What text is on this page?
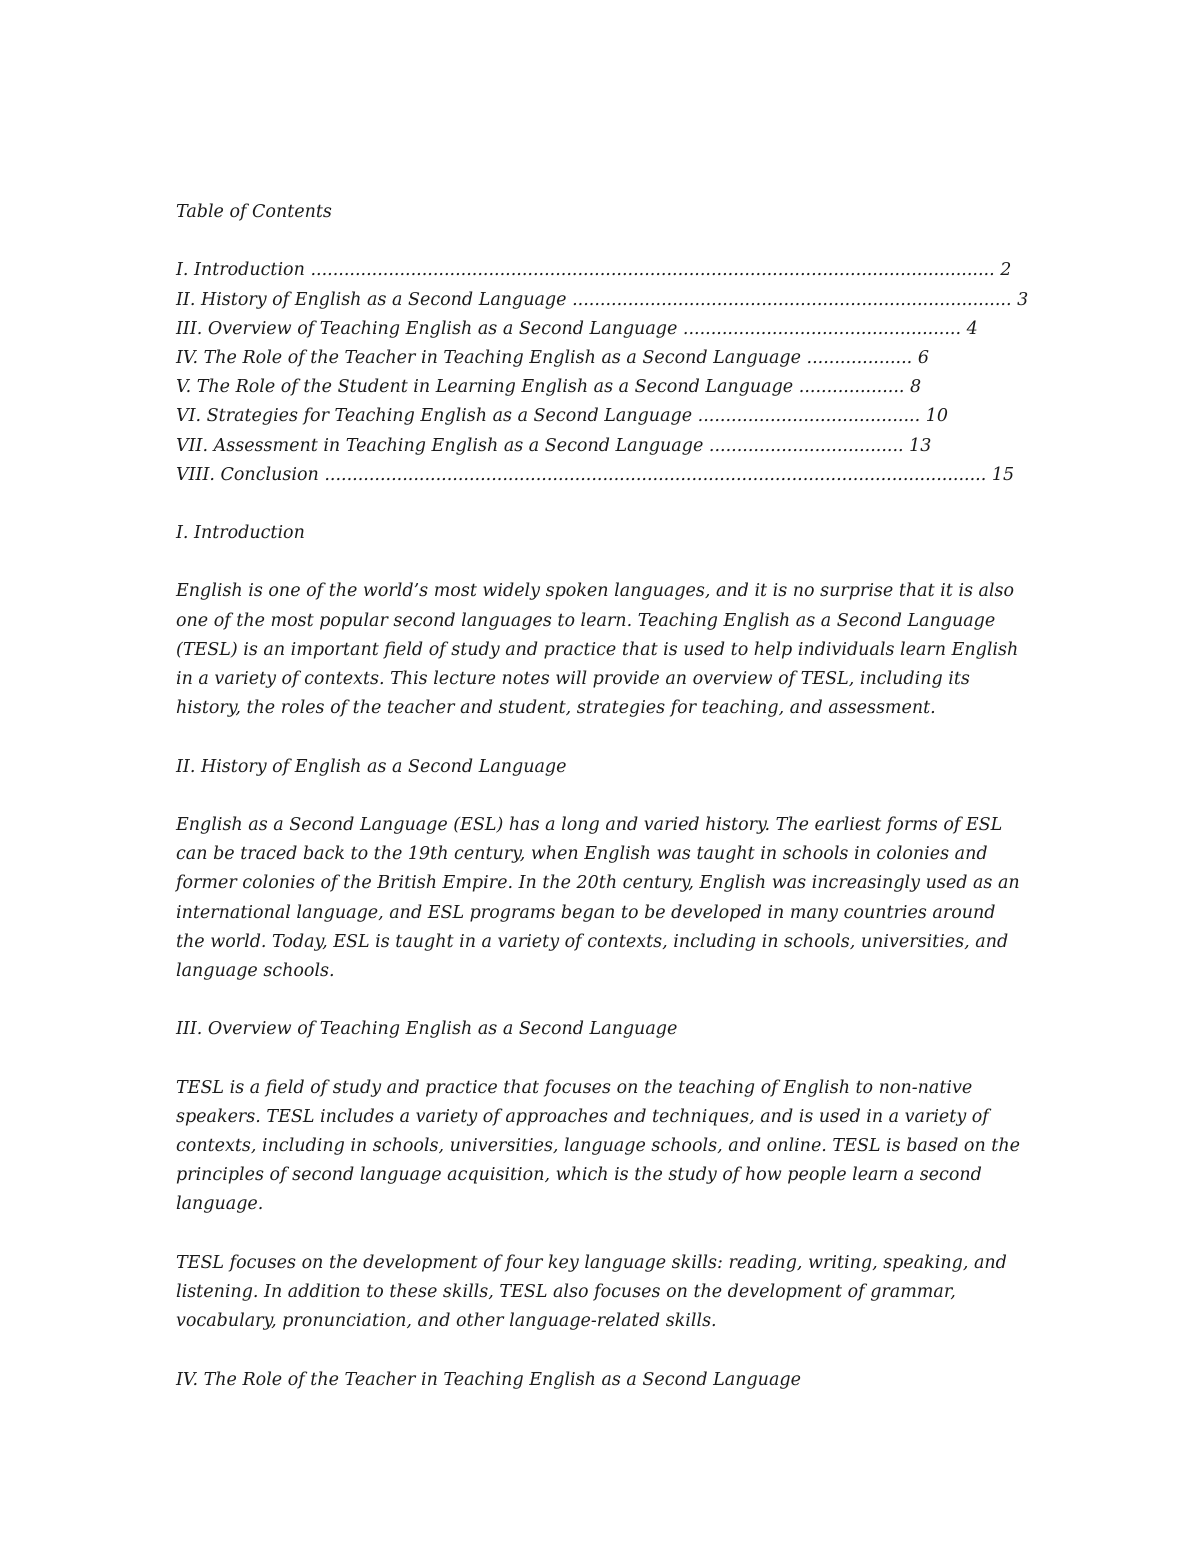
Table of Contents
I. Introduction ........................................................................................................................... 2
II. History of English as a Second Language ............................................................................... 3
III. Overview of Teaching English as a Second Language .................................................. 4
IV. The Role of the Teacher in Teaching English as a Second Language ................... 6
V. The Role of the Student in Learning English as a Second Language ................... 8
VI. Strategies for Teaching English as a Second Language ........................................ 10
VII. Assessment in Teaching English as a Second Language ................................... 13
VIII. Conclusion ....................................................................................................................... 15
I. Introduction
English is one of the world’s most widely spoken languages, and it is no surprise that it is also
one of the most popular second languages to learn. Teaching English as a Second Language
(TESL) is an important field of study and practice that is used to help individuals learn English
in a variety of contexts. This lecture notes will provide an overview of TESL, including its
history, the roles of the teacher and student, strategies for teaching, and assessment.
II. History of English as a Second Language
English as a Second Language (ESL) has a long and varied history. The earliest forms of ESL
can be traced back to the 19th century, when English was taught in schools in colonies and
former colonies of the British Empire. In the 20th century, English was increasingly used as an
international language, and ESL programs began to be developed in many countries around
the world. Today, ESL is taught in a variety of contexts, including in schools, universities, and
language schools.
III. Overview of Teaching English as a Second Language
TESL is a field of study and practice that focuses on the teaching of English to non-native
speakers. TESL includes a variety of approaches and techniques, and is used in a variety of
contexts, including in schools, universities, language schools, and online. TESL is based on the
principles of second language acquisition, which is the study of how people learn a second
language.
TESL focuses on the development of four key language skills: reading, writing, speaking, and
listening. In addition to these skills, TESL also focuses on the development of grammar,
vocabulary, pronunciation, and other language-related skills.
IV. The Role of the Teacher in Teaching English as a Second Language
